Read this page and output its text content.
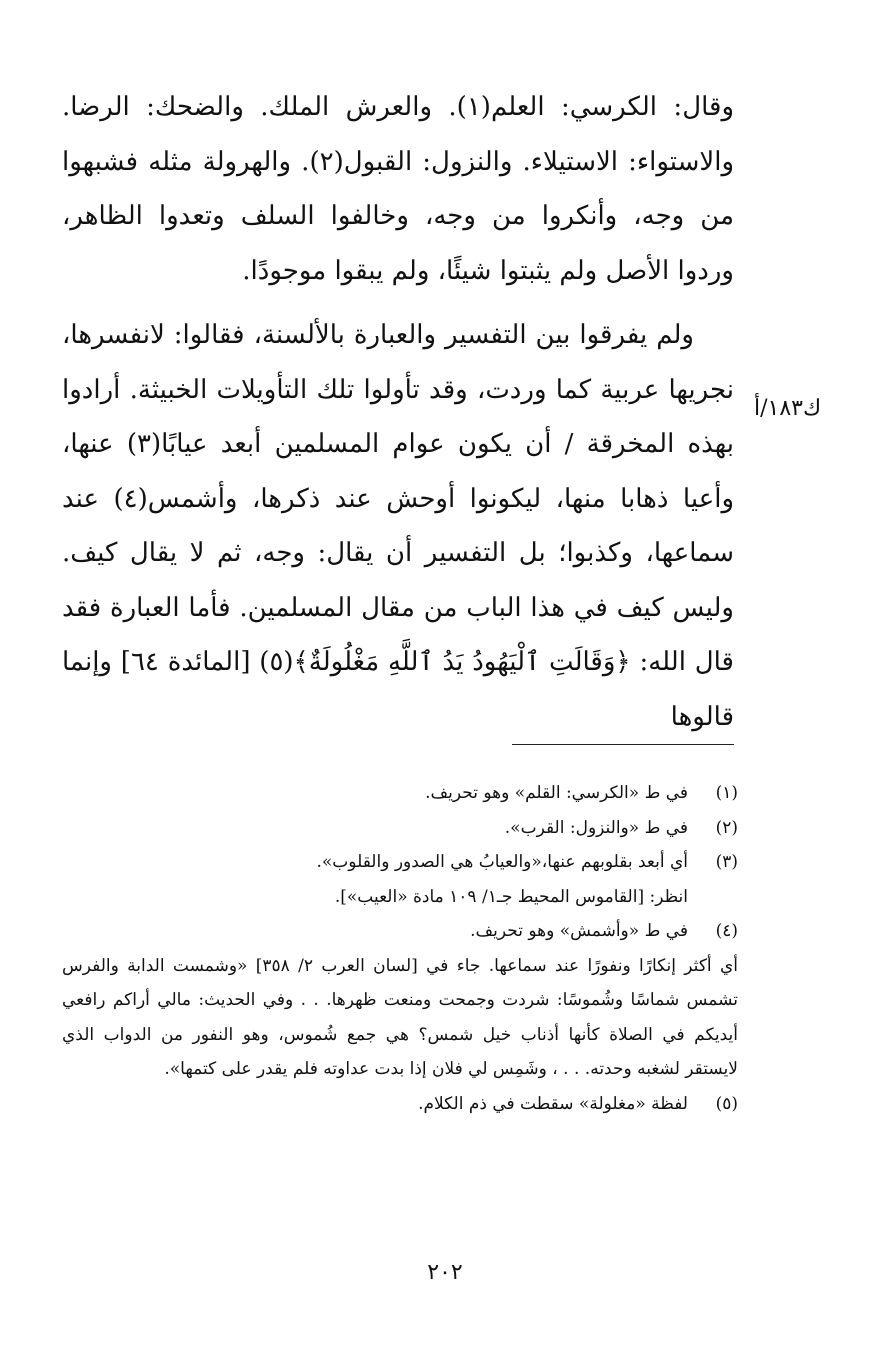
وقال: الكرسي: العلم(١). والعرش الملك. والضحك: الرضا. والاستواء: الاستيلاء. والنزول: القبول(٢). والهرولة مثله فشبهوا من وجه، وأنكروا من وجه، وخالفوا السلف وتعدوا الظاهر، وردوا الأصل ولم يثبتوا شيئًا، ولم يبقوا موجودًا.

ولم يفرقوا بين التفسير والعبارة بالألسنة، فقالوا: لانفسرها، نجريها عربية كما وردت، وقد تأولوا تلك التأويلات الخبيثة. أرادوا بهذه المخرقة / أن يكون عوام المسلمين أبعد عيابًا(٣) عنها، وأعيا ذهابا منها، ليكونوا أوحش عند ذكرها، وأشمس(٤) عند سماعها، وكذبوا؛ بل التفسير أن يقال: وجه، ثم لا يقال كيف. وليس كيف في هذا الباب من مقال المسلمين. فأما العبارة فقد قال الله: ﴿وَقَالَتِ ٱلْيَهُودُ يَدُ ٱللَّهِ مَغْلُولَةٌ﴾(٥) [المائدة ٦٤] وإنما قالوها

ك١٨٣/أ
(١)
في ط «الكرسي: القلم» وهو تحريف.
(٢)
في ط «والنزول: القرب».
(٣)
أي أبعد بقلوبهم عنها،«والعيابُ هي الصدور والقلوب».
انظر: [القاموس المحيط جـ١/ ١٠٩ مادة «العيب»].
(٤)
في ط «وأشمش» وهو تحريف.
أي أكثر إنكارًا ونفورًا عند سماعها. جاء في [لسان العرب ٢/ ٣٥٨] «وشمست الدابة والفرس تشمس شماسًا وشُموسًا: شردت وجمحت ومنعت ظهرها. . . وفي الحديث: مالي أراكم رافعي أيديكم في الصلاة كأنها أذناب خيل شمس؟ هي جمع شُموس، وهو النفور من الدواب الذي لايستقر لشغبه وحدته. . . ، وشَمِس لي فلان إذا بدت عداوته فلم يقدر على كتمها».
(٥)
لفظة «مغلولة» سقطت في ذم الكلام.
٢٠٢
